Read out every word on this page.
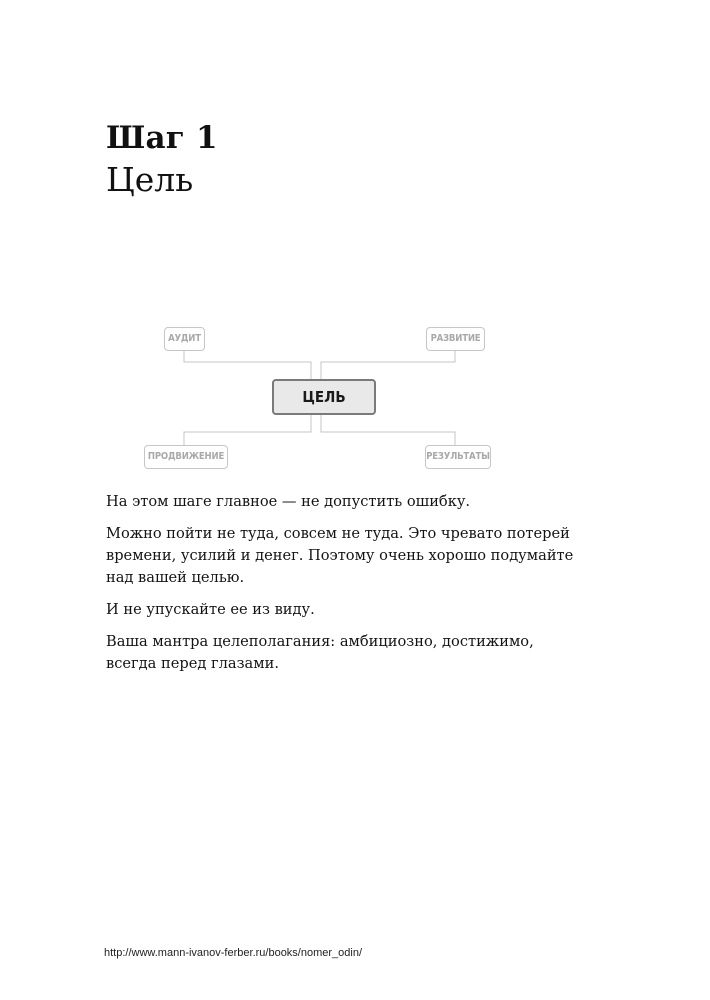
Шаг 1
Цель
АУДИТ	РАЗВИТИЕ
ЦЕЛЬ
ПРОДВИЖЕНИЕ	РЕЗУЛЬТАТЫ

На этом шаге главное — не допустить ошибку.

Можно пойти не туда, совсем не туда. Это чревато потерей времени, усилий и денег. Поэтому очень хорошо подумайте над вашей целью.

И не упускайте ее из виду.

Ваша мантра целеполагания: амбициозно, достижимо, всегда перед глазами.

http://www.mann-ivanov-ferber.ru/books/nomer_odin/
